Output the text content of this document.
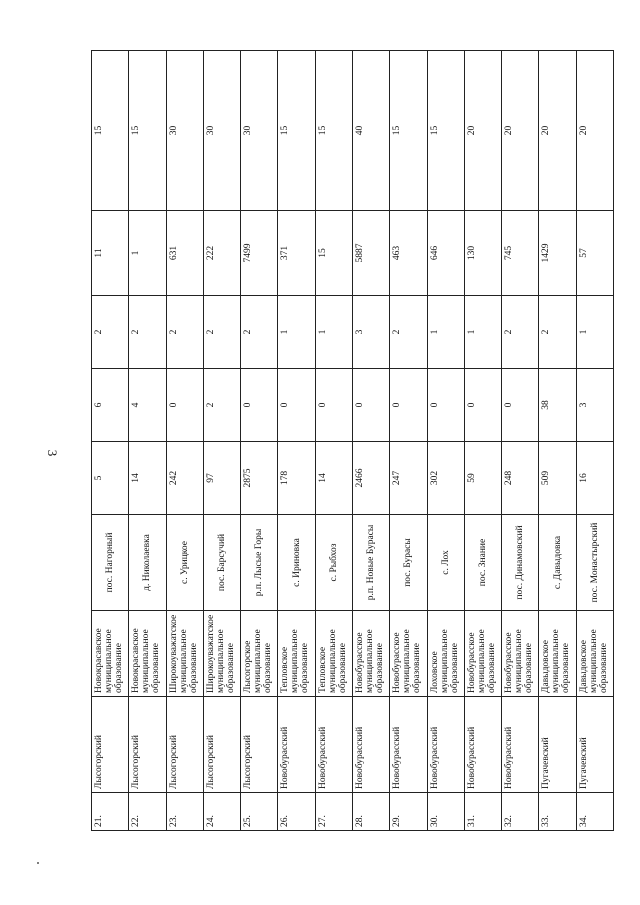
3
21.	Лысогорский	Новокрасавское муниципальное образование	пос. Нагорный	5	6	2	11	15
22.	Лысогорский	Новокрасавское муниципальное образование	д. Николаевка	14	4	2	1	15
23.	Лысогорский	Широкоуважатское муниципальное образование	с. Урицкое	242	0	2	631	30
24.	Лысогорский	Широкоуважатское муниципальное образование	пос. Барсучий	97	2	2	222	30
25.	Лысогорский	Лысогорское муниципальное образование	р.п. Лысые Горы	2875	0	2	7499	30
26.	Новобурасский	Тепловское муниципальное образование	с. Ириновка	178	0	1	371	15
27.	Новобурасский	Тепловское муниципальное образование	с. Рыбхоз	14	0	1	15	15
28.	Новобурасский	Новобурасское муниципальное образование	р.п. Новые Бурасы	2466	0	3	5887	40
29.	Новобурасский	Новобурасское муниципальное образование	пос. Бурасы	247	0	2	463	15
30.	Новобурасский	Лоховское муниципальное образование	с. Лох	302	0	1	646	15
31.	Новобурасский	Новобурасское муниципальное образование	пос. Знание	59	0	1	130	20
32.	Новобурасский	Новобурасское муниципальное образование	пос. Динамовский	248	0	2	745	20
33.	Пугачевский	Давыдовское муниципальное образование	с. Давыдовка	509	38	2	1429	20
34.	Пугачевский	Давыдовское муниципальное образование	пос. Монастырский	16	3	1	57	20
